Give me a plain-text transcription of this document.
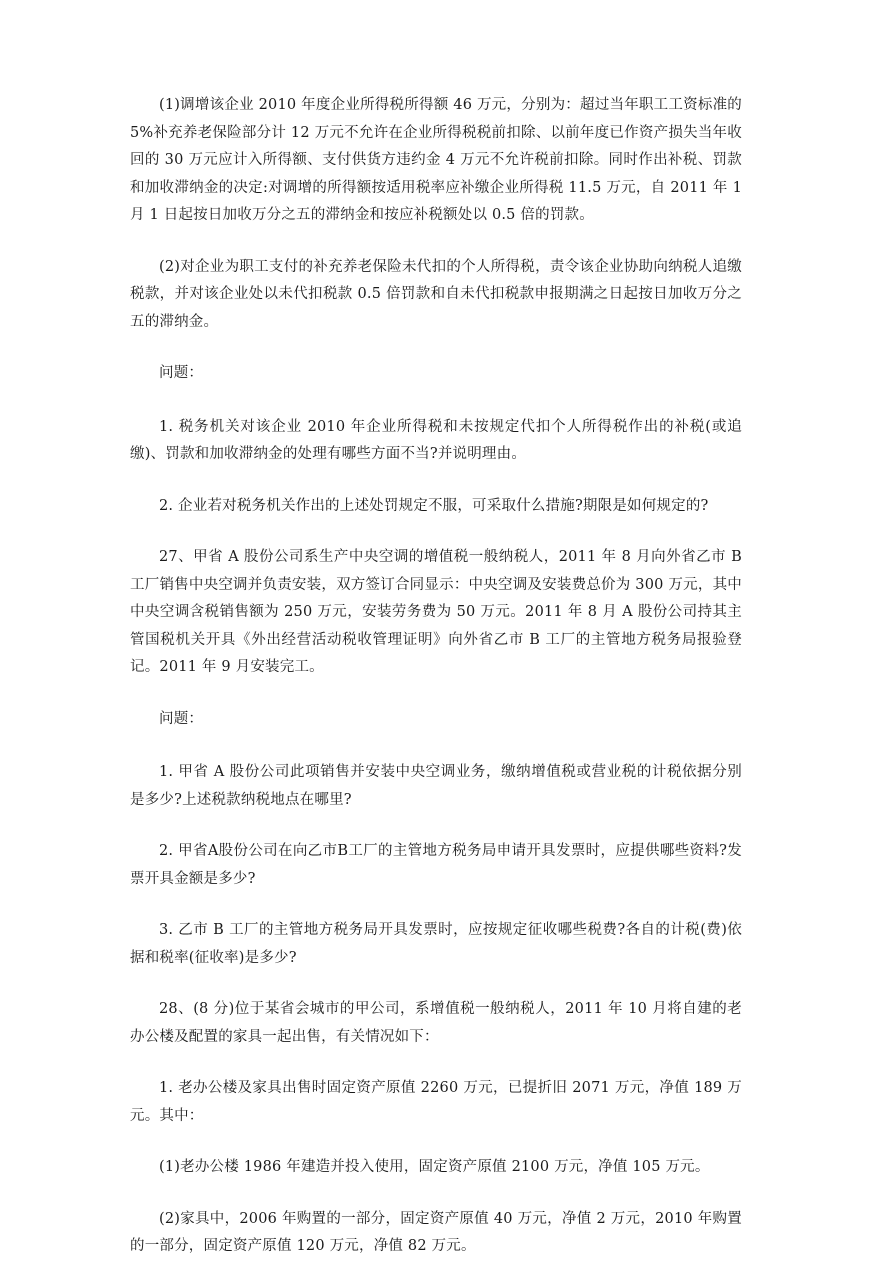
(1)调增该企业 2010 年度企业所得税所得额 46 万元，分别为：超过当年职工工资标准的 5%补充养老保险部分计 12 万元不允许在企业所得税税前扣除、以前年度已作资产损失当年收回的 30 万元应计入所得额、支付供货方违约金 4 万元不允许税前扣除。同时作出补税、罚款和加收滞纳金的决定:对调增的所得额按适用税率应补缴企业所得税 11.5 万元，自 2011 年 1 月 1 日起按日加收万分之五的滞纳金和按应补税额处以 0.5 倍的罚款。

(2)对企业为职工支付的补充养老保险未代扣的个人所得税，责令该企业协助向纳税人追缴税款，并对该企业处以未代扣税款 0.5 倍罚款和自未代扣税款申报期满之日起按日加收万分之五的滞纳金。

问题：

1. 税务机关对该企业 2010 年企业所得税和未按规定代扣个人所得税作出的补税(或追缴)、罚款和加收滞纳金的处理有哪些方面不当?并说明理由。

2. 企业若对税务机关作出的上述处罚规定不服，可采取什么措施?期限是如何规定的?

27、甲省 A 股份公司系生产中央空调的增值税一般纳税人，2011 年 8 月向外省乙市 B 工厂销售中央空调并负责安装，双方签订合同显示：中央空调及安装费总价为 300 万元，其中中央空调含税销售额为 250 万元，安装劳务费为 50 万元。2011 年 8 月 A 股份公司持其主管国税机关开具《外出经营活动税收管理证明》向外省乙市 B 工厂的主管地方税务局报验登记。2011 年 9 月安装完工。

问题：

1. 甲省 A 股份公司此项销售并安装中央空调业务，缴纳增值税或营业税的计税依据分别是多少?上述税款纳税地点在哪里?

2. 甲省A股份公司在向乙市B工厂的主管地方税务局申请开具发票时，应提供哪些资料?发票开具金额是多少?

3. 乙市 B 工厂的主管地方税务局开具发票时，应按规定征收哪些税费?各自的计税(费)依据和税率(征收率)是多少?

28、(8 分)位于某省会城市的甲公司，系增值税一般纳税人，2011 年 10 月将自建的老办公楼及配置的家具一起出售，有关情况如下：

1. 老办公楼及家具出售时固定资产原值 2260 万元，已提折旧 2071 万元，净值 189 万元。其中：

(1)老办公楼 1986 年建造并投入使用，固定资产原值 2100 万元，净值 105 万元。

(2)家具中，2006 年购置的一部分，固定资产原值 40 万元，净值 2 万元，2010 年购置的一部分，固定资产原值 120 万元，净值 82 万元。
